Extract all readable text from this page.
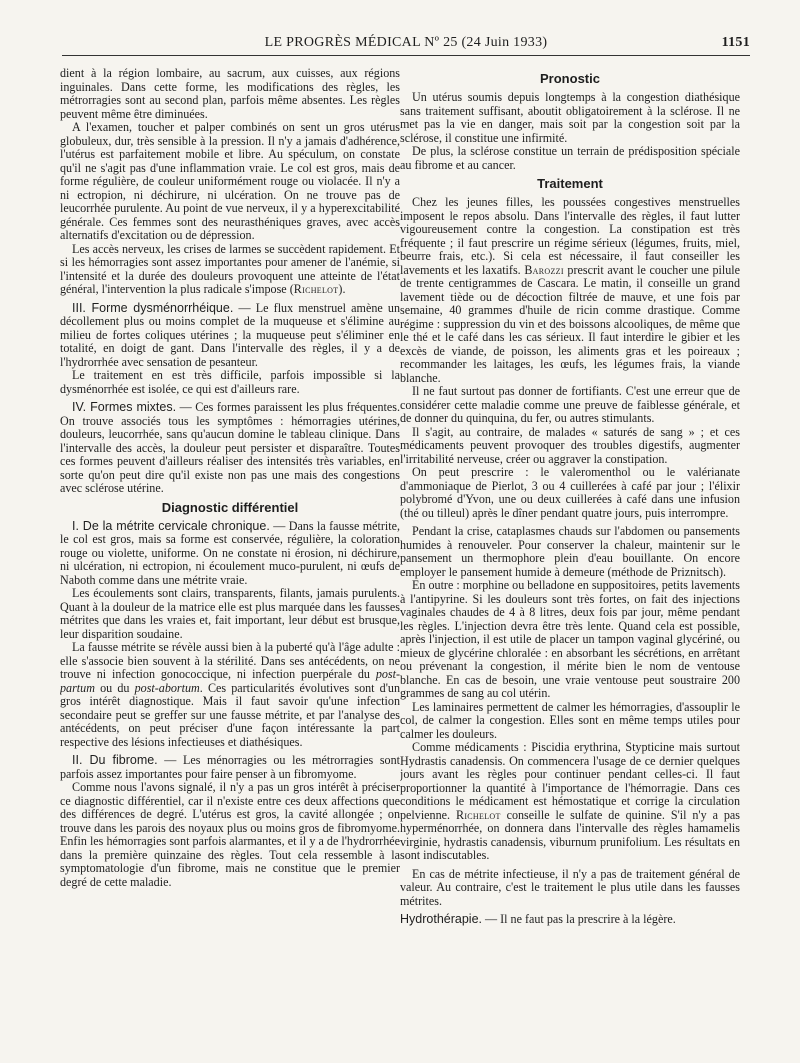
LE PROGRÈS MÉDICAL Nº 25 (24 Juin 1933)	1151

dient à la région lombaire, au sacrum, aux cuisses, aux régions inguinales. Dans cette forme, les modifications des règles, les métrorragies sont au second plan, parfois même absentes. Les règles peuvent même être diminuées.

A l'examen, toucher et palper combinés on sent un gros utérus globuleux, dur, très sensible à la pression. Il n'y a jamais d'adhérence, l'utérus est parfaitement mobile et libre. Au spéculum, on constate qu'il ne s'agit pas d'une inflammation vraie. Le col est gros, mais de forme régulière, de couleur uniformément rouge ou violacée. Il n'y a ni ectropion, ni déchirure, ni ulcération. On ne trouve pas de leucorrhée purulente. Au point de vue nerveux, il y a hyperexcitabilité générale. Ces femmes sont des neurasthéniques graves, avec accès alternatifs d'excitation ou de dépression.

Les accès nerveux, les crises de larmes se succèdent rapidement. Et si les hémorragies sont assez importantes pour amener de l'anémie, si l'intensité et la durée des douleurs provoquent une atteinte de l'état général, l'intervention la plus radicale s'impose (Richelot).

III. Forme dysménorrhéique. — Le flux menstruel amène un décollement plus ou moins complet de la muqueuse et s'élimine au milieu de fortes coliques utérines ; la muqueuse peut s'éliminer en totalité, en doigt de gant. Dans l'intervalle des règles, il y a de l'hydrorrhée avec sensation de pesanteur.

Le traitement en est très difficile, parfois impossible si la dysménorrhée est isolée, ce qui est d'ailleurs rare.

IV. Formes mixtes. — Ces formes paraissent les plus fréquentes. On trouve associés tous les symptômes : hémorragies utérines, douleurs, leucorrhée, sans qu'aucun domine le tableau clinique. Dans l'intervalle des accès, la douleur peut persister et disparaître. Toutes ces formes peuvent d'ailleurs réaliser des intensités très variables, en sorte qu'on peut dire qu'il existe non pas une mais des congestions avec sclérose utérine.

Diagnostic différentiel

I. De la métrite cervicale chronique. — Dans la fausse métrite, le col est gros, mais sa forme est conservée, régulière, la coloration rouge ou violette, uniforme. On ne constate ni érosion, ni déchirure, ni ulcération, ni ectropion, ni écoulement muco-purulent, ni œufs de Naboth comme dans une métrite vraie.

Les écoulements sont clairs, transparents, filants, jamais purulents. Quant à la douleur de la matrice elle est plus marquée dans les fausses métrites que dans les vraies et, fait important, leur début est brusque, leur disparition soudaine.

La fausse métrite se révèle aussi bien à la puberté qu'à l'âge adulte : elle s'associe bien souvent à la stérilité. Dans ses antécédents, on ne trouve ni infection gonococcique, ni infection puerpérale du post-partum ou du post-abortum. Ces particularités évolutives sont d'un gros intérêt diagnostique. Mais il faut savoir qu'une infection secondaire peut se greffer sur une fausse métrite, et par l'analyse des antécédents, on peut préciser d'une façon intéressante la part respective des lésions infectieuses et diathésiques.

II. Du fibrome. — Les ménorragies ou les métrorragies sont parfois assez importantes pour faire penser à un fibromyome.

Comme nous l'avons signalé, il n'y a pas un gros intérêt à préciser ce diagnostic différentiel, car il n'existe entre ces deux affections que des différences de degré. L'utérus est gros, la cavité allongée ; on trouve dans les parois des noyaux plus ou moins gros de fibromyome. Enfin les hémorragies sont parfois alarmantes, et il y a de l'hydrorrhée dans la première quinzaine des règles. Tout cela ressemble à la symptomatologie d'un fibrome, mais ne constitue que le premier degré de cette maladie.

Pronostic

Un utérus soumis depuis longtemps à la congestion diathésique sans traitement suffisant, aboutit obligatoirement à la sclérose. Il ne met pas la vie en danger, mais soit par la congestion soit par la sclérose, il constitue une infirmité.

De plus, la sclérose constitue un terrain de prédisposition spéciale au fibrome et au cancer.

Traitement

Chez les jeunes filles, les poussées congestives menstruelles imposent le repos absolu. Dans l'intervalle des règles, il faut lutter vigoureusement contre la congestion. La constipation est très fréquente ; il faut prescrire un régime sérieux (légumes, fruits, miel, beurre frais, etc.). Si cela est nécessaire, il faut conseiller les lavements et les laxatifs. Barozzi prescrit avant le coucher une pilule de trente centigrammes de Cascara. Le matin, il conseille un grand lavement tiède ou de décoction filtrée de mauve, et une fois par semaine, 40 grammes d'huile de ricin comme drastique. Comme régime : suppression du vin et des boissons alcooliques, de même que le thé et le café dans les cas sérieux. Il faut interdire le gibier et les excès de viande, de poisson, les aliments gras et les poireaux ; recommander les laitages, les œufs, les légumes frais, la viande blanche.

Il ne faut surtout pas donner de fortifiants. C'est une erreur que de considérer cette maladie comme une preuve de faiblesse générale, et de donner du quinquina, du fer, ou autres stimulants.

Il s'agit, au contraire, de malades « saturés de sang » ; et ces médicaments peuvent provoquer des troubles digestifs, augmenter l'irritabilité nerveuse, créer ou aggraver la constipation.

On peut prescrire : le valeromenthol ou le valérianate d'ammoniaque de Pierlot, 3 ou 4 cuillerées à café par jour ; l'élixir polybromé d'Yvon, une ou deux cuillerées à café dans une infusion (thé ou tilleul) après le dîner pendant quatre jours, puis interrompre.

Pendant la crise, cataplasmes chauds sur l'abdomen ou pansements humides à renouveler. Pour conserver la chaleur, maintenir sur le pansement un thermophore plein d'eau bouillante. On encore employer le pansement humide à demeure (méthode de Priznitsch).

En outre : morphine ou belladone en suppositoires, petits lavements à l'antipyrine. Si les douleurs sont très fortes, on fait des injections vaginales chaudes de 4 à 8 litres, deux fois par jour, même pendant les règles. L'injection devra être très lente. Quand cela est possible, après l'injection, il est utile de placer un tampon vaginal glycériné, ou mieux de glycérine chloralée : en absorbant les sécrétions, en arrêtant ou prévenant la congestion, il mérite bien le nom de ventouse blanche. En cas de besoin, une vraie ventouse peut soustraire 200 grammes de sang au col utérin.

Les laminaires permettent de calmer les hémorragies, d'assouplir le col, de calmer la congestion. Elles sont en même temps utiles pour calmer les douleurs.

Comme médicaments : Piscidia erythrina, Stypticine mais surtout Hydrastis canadensis. On commencera l'usage de ce dernier quelques jours avant les règles pour continuer pendant celles-ci. Il faut proportionner la quantité à l'importance de l'hémorragie. Dans ces conditions le médicament est hémostatique et corrige la circulation pelvienne. Richelot conseille le sulfate de quinine. S'il n'y a pas hyperménorrhée, on donnera dans l'intervalle des règles hamamelis virginie, hydrastis canadensis, viburnum prunifolium. Les résultats en sont indiscutables.

En cas de métrite infectieuse, il n'y a pas de traitement général de valeur. Au contraire, c'est le traitement le plus utile dans les fausses métrites.

Hydrothérapie. — Il ne faut pas la prescrire à la légère.
